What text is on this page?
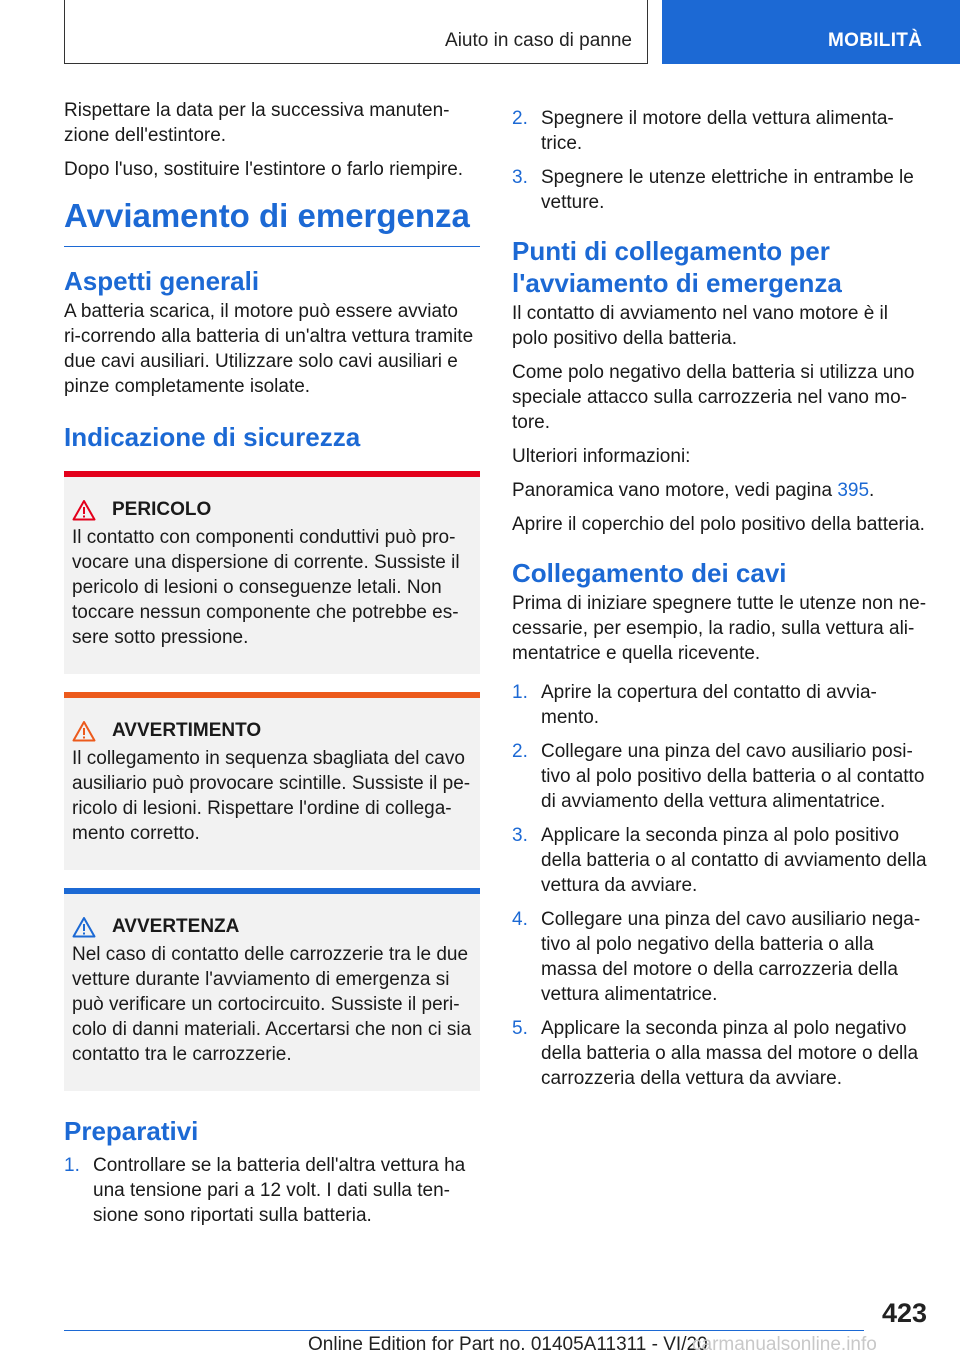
Aiuto in caso di panne	MOBILITÀ

Rispettare la data per la successiva manuten-zione dell'estintore.

Dopo l'uso, sostituire l'estintore o farlo riempire.

Avviamento di emergenza
Aspetti generali

A batteria scarica, il motore può essere avviato ri-correndo alla batteria di un'altra vettura tramite due cavi ausiliari. Utilizzare solo cavi ausiliari e pinze completamente isolate.

Indicazione di sicurezza
PERICOLO

Il contatto con componenti conduttivi può pro-vocare una dispersione di corrente. Sussiste il pericolo di lesioni o conseguenze letali. Non toccare nessun componente che potrebbe es-sere sotto pressione.

AVVERTIMENTO

Il collegamento in sequenza sbagliata del cavo ausiliario può provocare scintille. Sussiste il pe-ricolo di lesioni. Rispettare l'ordine di collega-mento corretto.

AVVERTENZA

Nel caso di contatto delle carrozzerie tra le due vetture durante l'avviamento di emergenza si può verificare un cortocircuito. Sussiste il peri-colo di danni materiali. Accertarsi che non ci sia contatto tra le carrozzerie.

Preparativi
1. Controllare se la batteria dell'altra vettura ha una tensione pari a 12 volt. I dati sulla ten-sione sono riportati sulla batteria.
2. Spegnere il motore della vettura alimenta-trice.
3. Spegnere le utenze elettriche in entrambe le vetture.
Punti di collegamento per l'avviamento di emergenza

Il contatto di avviamento nel vano motore è il polo positivo della batteria.

Come polo negativo della batteria si utilizza uno speciale attacco sulla carrozzeria nel vano mo-tore.

Ulteriori informazioni:

Panoramica vano motore, vedi pagina 395.

Aprire il coperchio del polo positivo della batteria.

Collegamento dei cavi

Prima di iniziare spegnere tutte le utenze non ne-cessarie, per esempio, la radio, sulla vettura ali-mentatrice e quella ricevente.

1. Aprire la copertura del contatto di avvia-mento.
2. Collegare una pinza del cavo ausiliario posi-tivo al polo positivo della batteria o al contatto di avviamento della vettura alimentatrice.
3. Applicare la seconda pinza al polo positivo della batteria o al contatto di avviamento della vettura da avviare.
4. Collegare una pinza del cavo ausiliario nega-tivo al polo negativo della batteria o alla massa del motore o della carrozzeria della vettura alimentatrice.
5. Applicare la seconda pinza al polo negativo della batteria o alla massa del motore o della carrozzeria della vettura da avviare.
423
Online Edition for Part no. 01405A11311 - VI/20
carmanualsonline.info
